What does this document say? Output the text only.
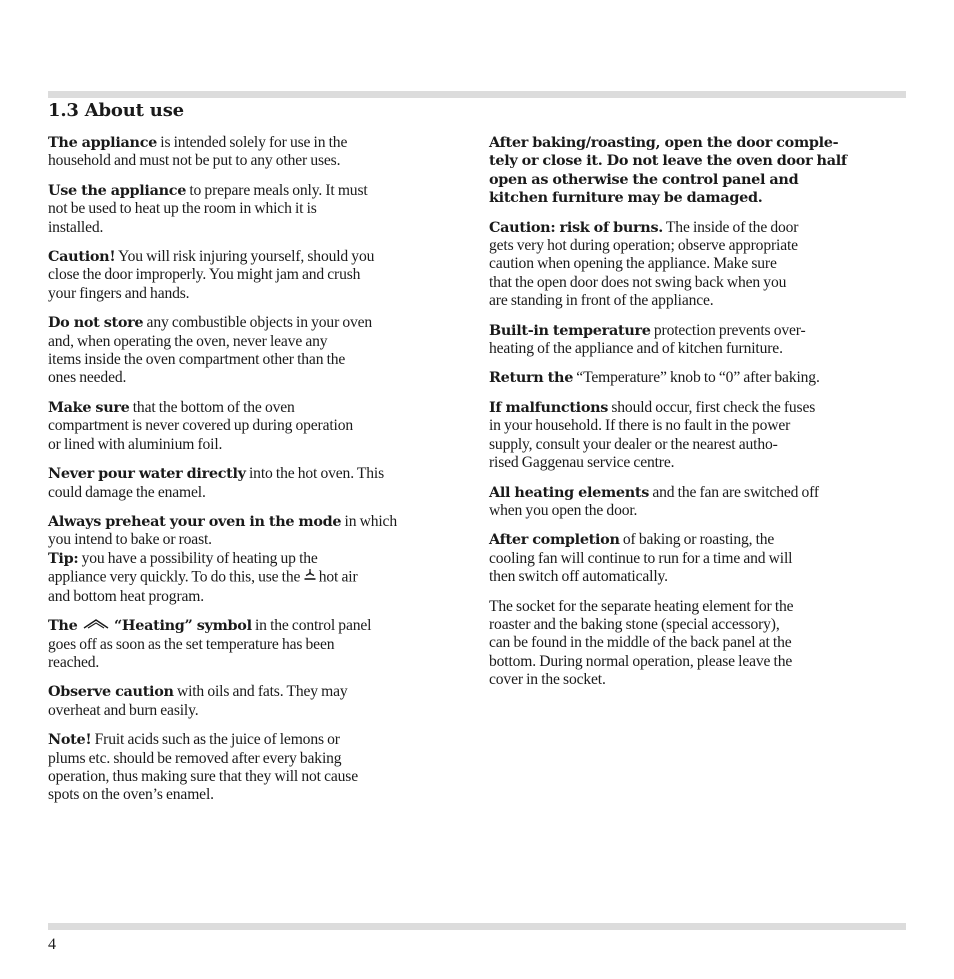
1.3 About use

The appliance is intended solely for use in the
household and must not be put to any other uses.

Use the appliance to prepare meals only. It must
not be used to heat up the room in which it is
installed.

Caution! You will risk injuring yourself, should you
close the door improperly. You might jam and crush
your fingers and hands.

Do not store any combustible objects in your oven
and, when operating the oven, never leave any
items inside the oven compartment other than the
ones needed.

Make sure that the bottom of the oven
compartment is never covered up during operation
or lined with aluminium foil.

Never pour water directly into the hot oven. This
could damage the enamel.

Always preheat your oven in the mode in which
you intend to bake or roast.

Tip: you have a possibility of heating up the
appliance very quickly. To do this, use the  hot air
and bottom heat program.

The	“Heating” symbol in the control panel
goes off as soon as the set temperature has been
reached.

Observe caution with oils and fats. They may
overheat and burn easily.

Note! Fruit acids such as the juice of lemons or
plums etc. should be removed after every baking
operation, thus making sure that they will not cause
spots on the oven’s enamel.

After baking/roasting, open the door comple-
tely or close it. Do not leave the oven door half
open as otherwise the control panel and
kitchen furniture may be damaged.

Caution: risk of burns. The inside of the door
gets very hot during operation; observe appropriate
caution when opening the appliance. Make sure
that the open door does not swing back when you
are standing in front of the appliance.

Built-in temperature protection prevents over-
heating of the appliance and of kitchen furniture.

Return the “Temperature” knob to “0” after baking.

If malfunctions should occur, first check the fuses
in your household. If there is no fault in the power
supply, consult your dealer or the nearest autho-
rised Gaggenau service centre.

All heating elements and the fan are switched off
when you open the door.

After completion of baking or roasting, the
cooling fan will continue to run for a time and will
then switch off automatically.

The socket for the separate heating element for the
roaster and the baking stone (special accessory),
can be found in the middle of the back panel at the
bottom. During normal operation, please leave the
cover in the socket.

4
